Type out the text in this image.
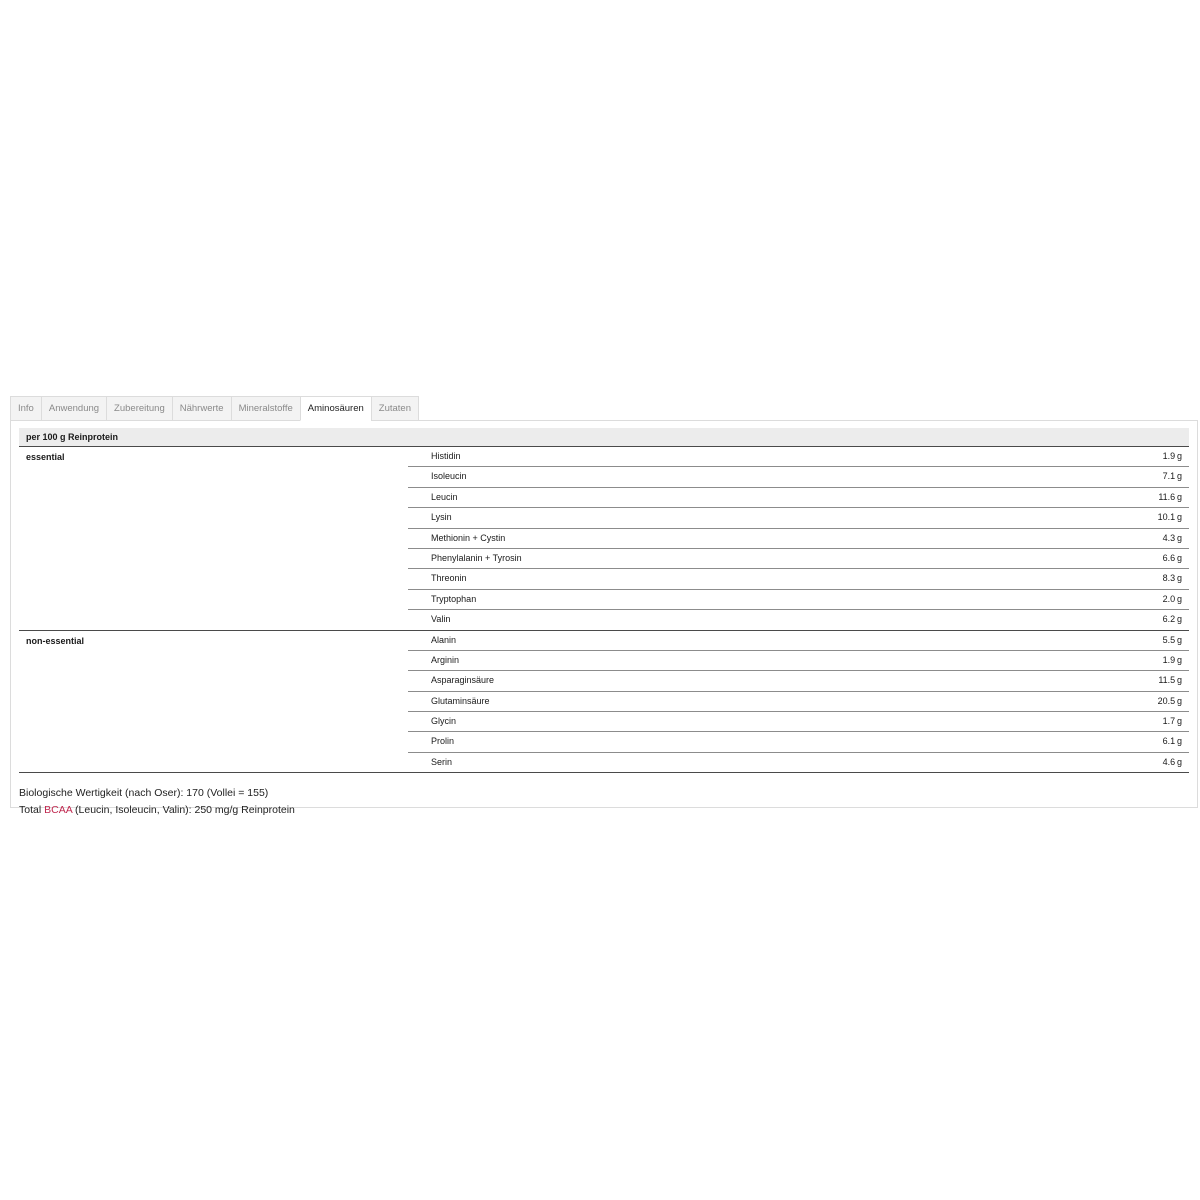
Info	Anwendung	Zubereitung	Nährwerte	Mineralstoffe	Aminosäuren	Zutaten
per 100 g Reinprotein
essential	Histidin	1.9  g
Isoleucin	7.1  g
Leucin	11.6  g
Lysin	10.1  g
Methionin + Cystin	4.3  g
Phenylalanin + Tyrosin	6.6  g
Threonin	8.3  g
Tryptophan	2.0  g
Valin	6.2  g
non-essential	Alanin	5.5  g
Arginin	1.9  g
Asparaginsäure	11.5  g
Glutaminsäure	20.5  g
Glycin	1.7  g
Prolin	6.1  g
Serin	4.6  g
Biologische Wertigkeit (nach Oser): 170 (Vollei = 155)
Total BCAA (Leucin, Isoleucin, Valin): 250 mg/g Reinprotein
